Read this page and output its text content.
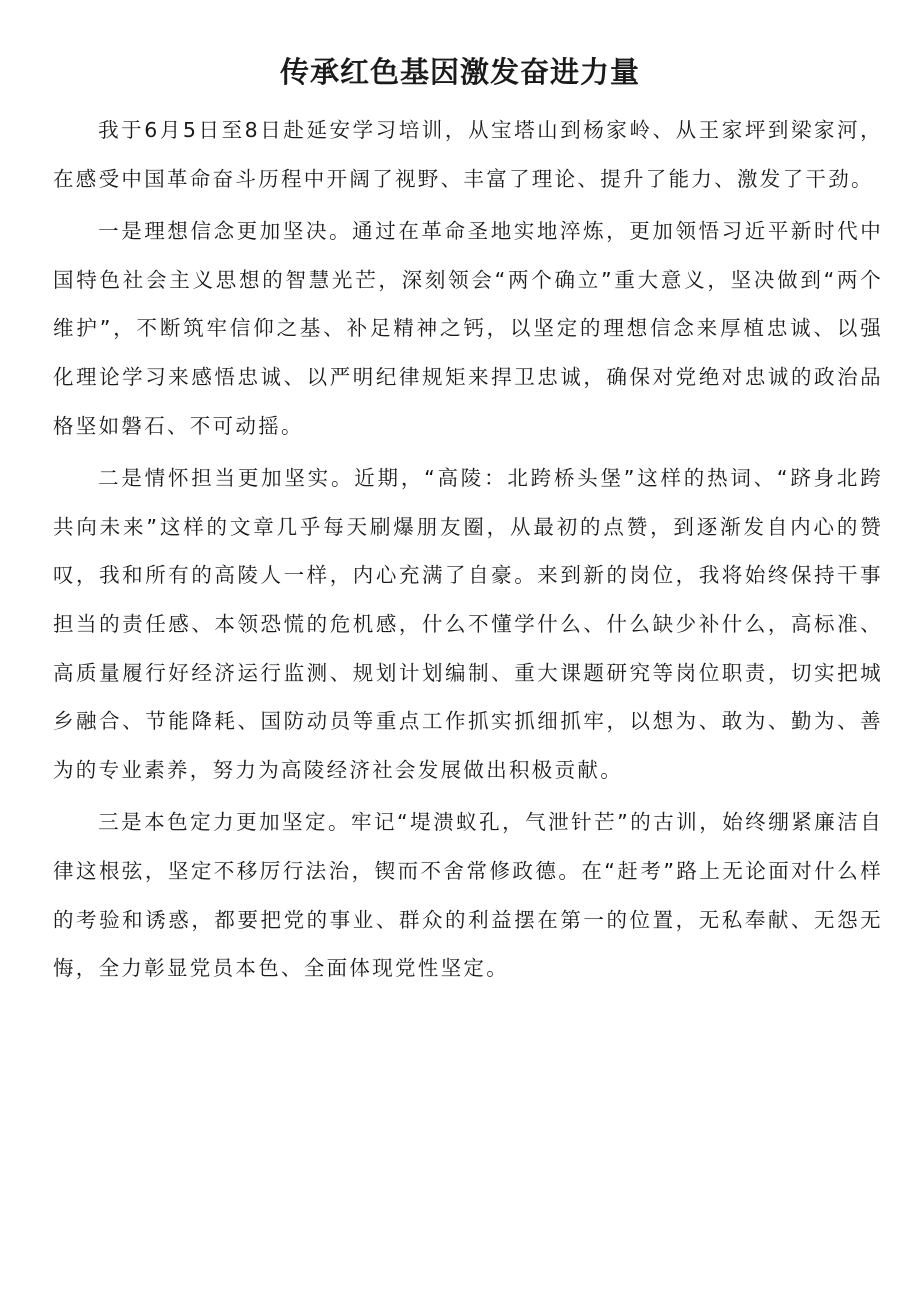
传承红色基因激发奋进力量

我于6月5日至8日赴延安学习培训，从宝塔山到杨家岭、从王家坪到梁家河，在感受中国革命奋斗历程中开阔了视野、丰富了理论、提升了能力、激发了干劲。

一是理想信念更加坚决。通过在革命圣地实地淬炼，更加领悟习近平新时代中国特色社会主义思想的智慧光芒，深刻领会“两个确立”重大意义，坚决做到“两个维护”，不断筑牢信仰之基、补足精神之钙，以坚定的理想信念来厚植忠诚、以强化理论学习来感悟忠诚、以严明纪律规矩来捍卫忠诚，确保对党绝对忠诚的政治品格坚如磐石、不可动摇。

二是情怀担当更加坚实。近期，“高陵：北跨桥头堡”这样的热词、“跻身北跨共向未来”这样的文章几乎每天刷爆朋友圈，从最初的点赞，到逐渐发自内心的赞叹，我和所有的高陵人一样，内心充满了自豪。来到新的岗位，我将始终保持干事担当的责任感、本领恐慌的危机感，什么不懂学什么、什么缺少补什么，高标准、高质量履行好经济运行监测、规划计划编制、重大课题研究等岗位职责，切实把城乡融合、节能降耗、国防动员等重点工作抓实抓细抓牢，以想为、敢为、勤为、善为的专业素养，努力为高陵经济社会发展做出积极贡献。

三是本色定力更加坚定。牢记“堤溃蚁孔，气泄针芒”的古训，始终绷紧廉洁自律这根弦，坚定不移厉行法治，锲而不舍常修政德。在“赶考”路上无论面对什么样的考验和诱惑，都要把党的事业、群众的利益摆在第一的位置，无私奉献、无怨无悔，全力彰显党员本色、全面体现党性坚定。
